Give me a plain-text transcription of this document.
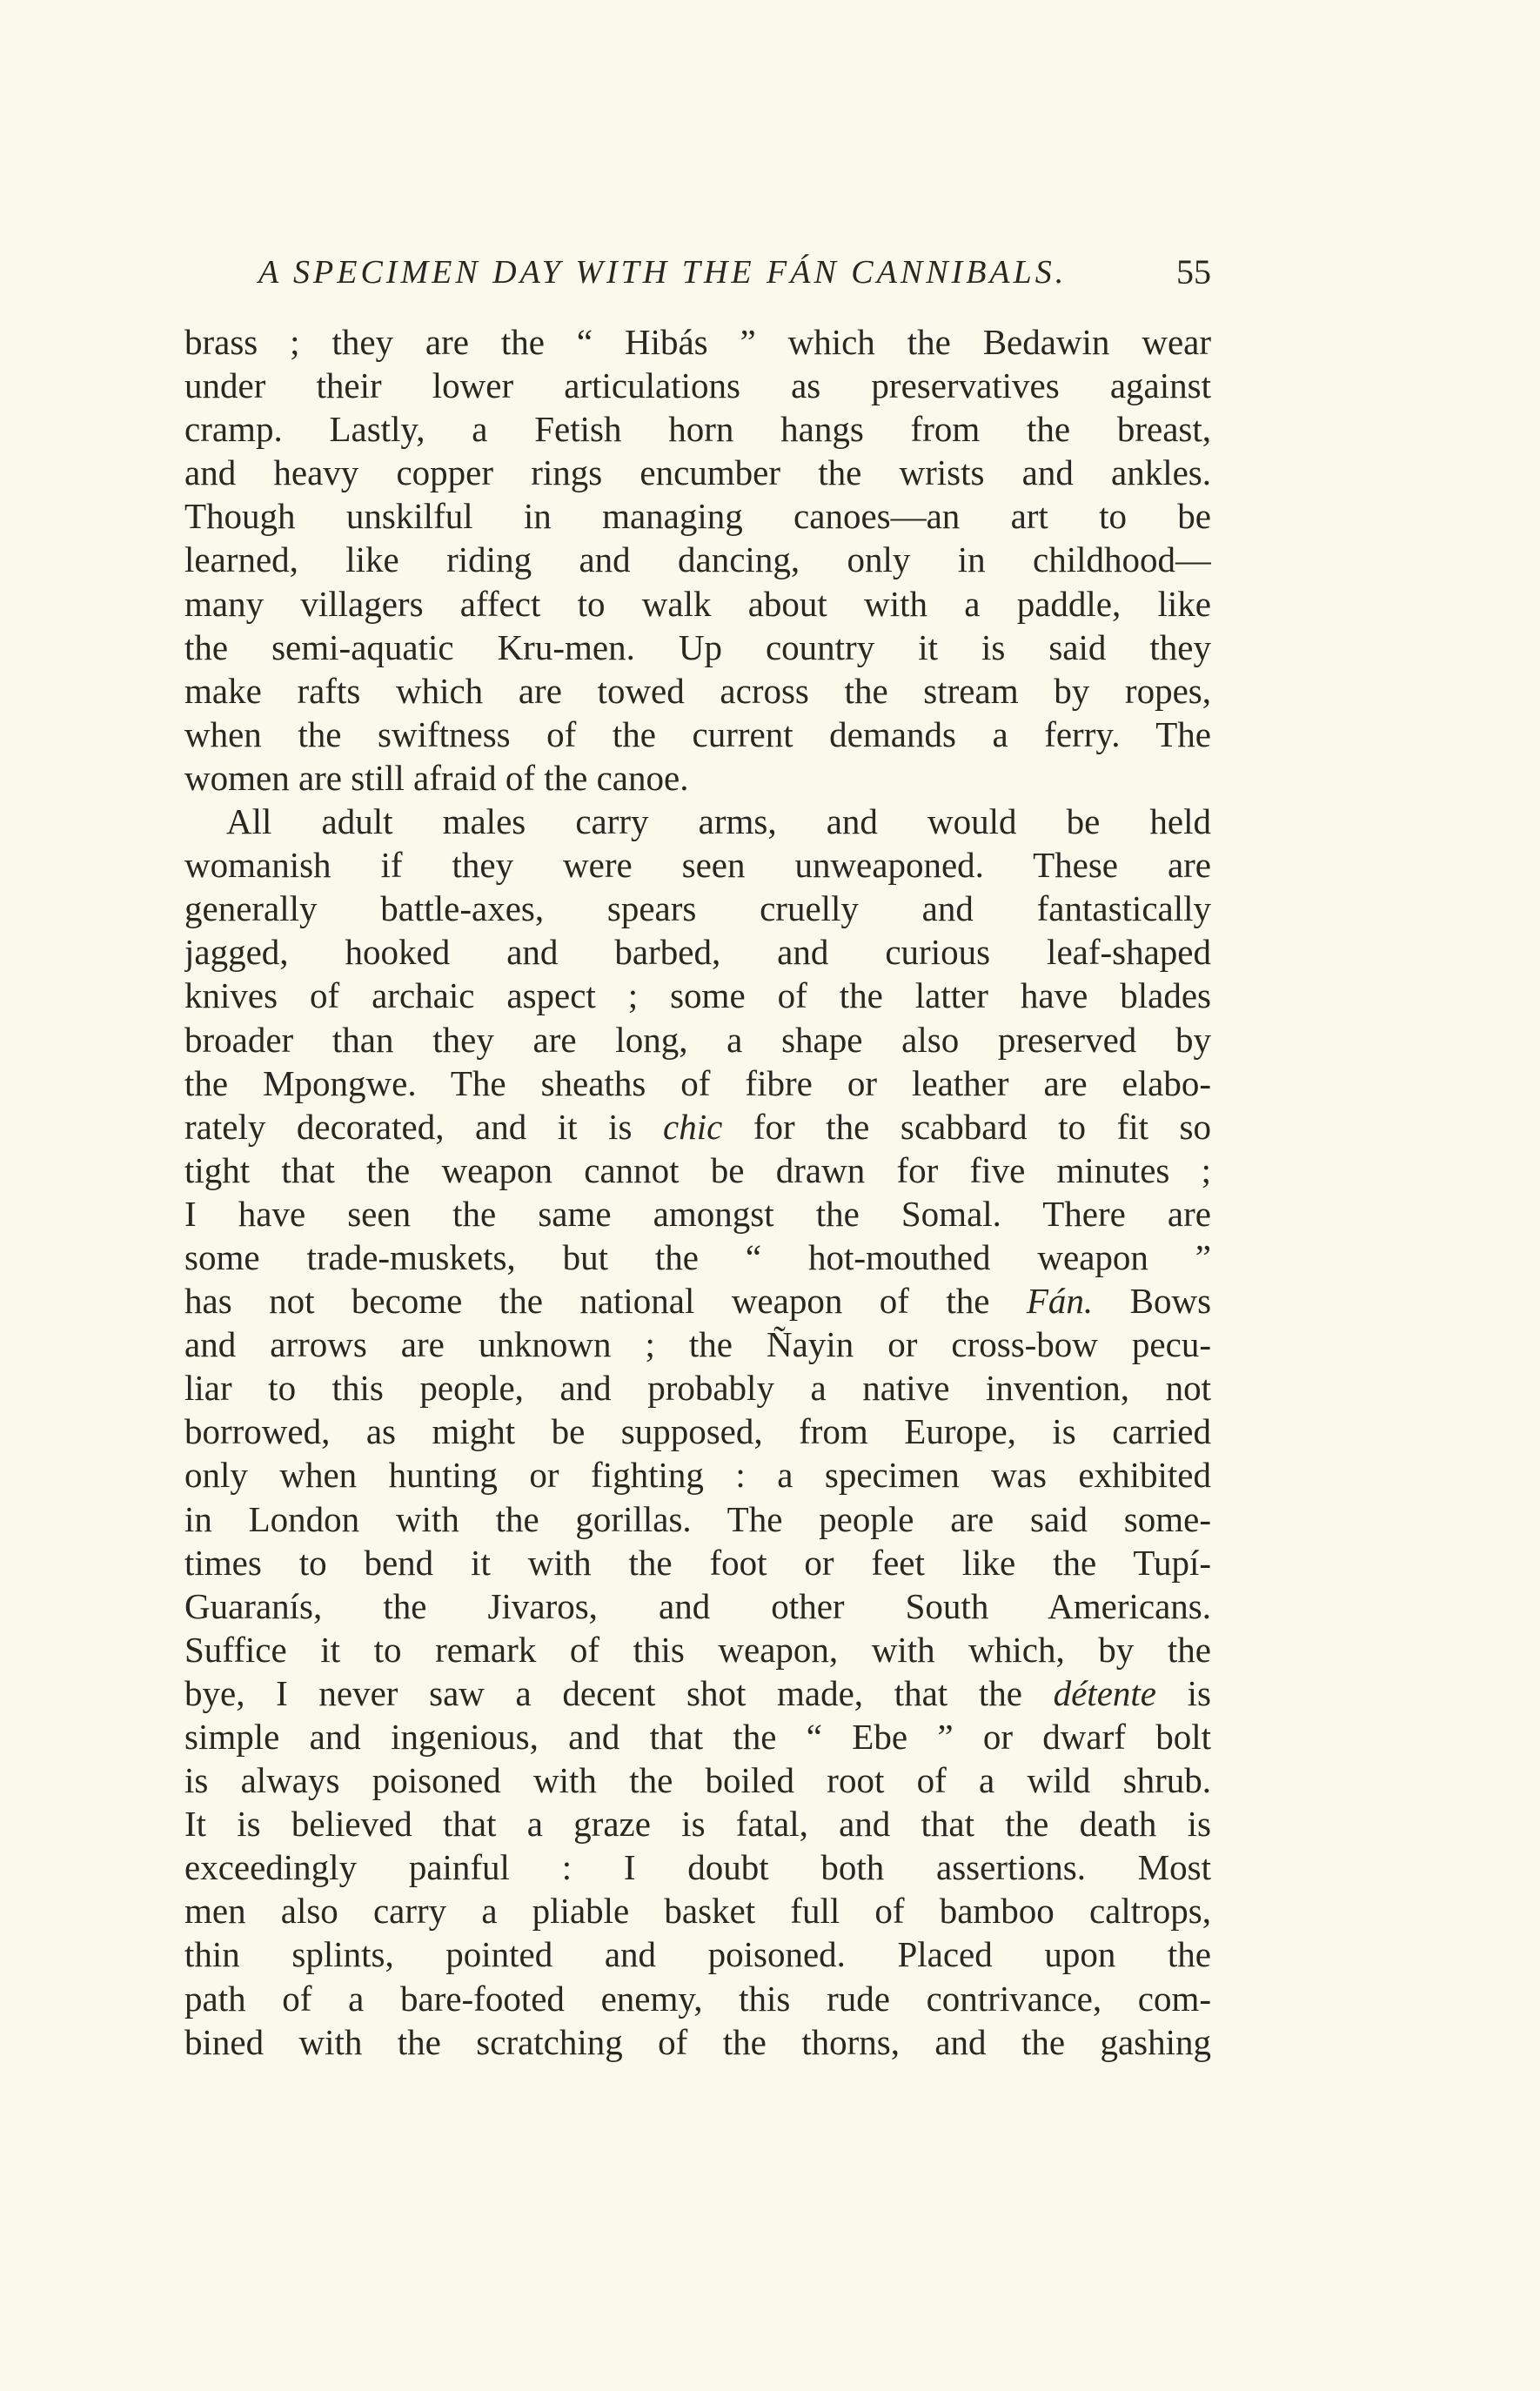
A SPECIMEN DAY WITH THE FÁN CANNIBALS.	55
brass ; they are the “ Hibás ” which the Bedawin wear
under their lower articulations as preservatives against
cramp. Lastly, a Fetish horn hangs from the breast,
and heavy copper rings encumber the wrists and ankles.
Though unskilful in managing canoes—an art to be
learned, like riding and dancing, only in childhood—
many villagers affect to walk about with a paddle, like
the semi-aquatic Kru-men. Up country it is said they
make rafts which are towed across the stream by ropes,
when the swiftness of the current demands a ferry. The
women are still afraid of the canoe.
All adult males carry arms, and would be held
womanish if they were seen unweaponed. These are
generally battle-axes, spears cruelly and fantastically
jagged, hooked and barbed, and curious leaf-shaped
knives of archaic aspect ; some of the latter have blades
broader than they are long, a shape also preserved by
the Mpongwe. The sheaths of fibre or leather are elabo-
rately decorated, and it is chic for the scabbard to fit so
tight that the weapon cannot be drawn for five minutes ;
I have seen the same amongst the Somal. There are
some trade-muskets, but the “ hot-mouthed weapon ”
has not become the national weapon of the Fán. Bows
and arrows are unknown ; the Ñayin or cross-bow pecu-
liar to this people, and probably a native invention, not
borrowed, as might be supposed, from Europe, is carried
only when hunting or fighting : a specimen was exhibited
in London with the gorillas. The people are said some-
times to bend it with the foot or feet like the Tupí-
Guaranís, the Jivaros, and other South Americans.
Suffice it to remark of this weapon, with which, by the
bye, I never saw a decent shot made, that the détente is
simple and ingenious, and that the “ Ebe ” or dwarf bolt
is always poisoned with the boiled root of a wild shrub.
It is believed that a graze is fatal, and that the death is
exceedingly painful : I doubt both assertions. Most
men also carry a pliable basket full of bamboo caltrops,
thin splints, pointed and poisoned. Placed upon the
path of a bare-footed enemy, this rude contrivance, com-
bined with the scratching of the thorns, and the gashing
